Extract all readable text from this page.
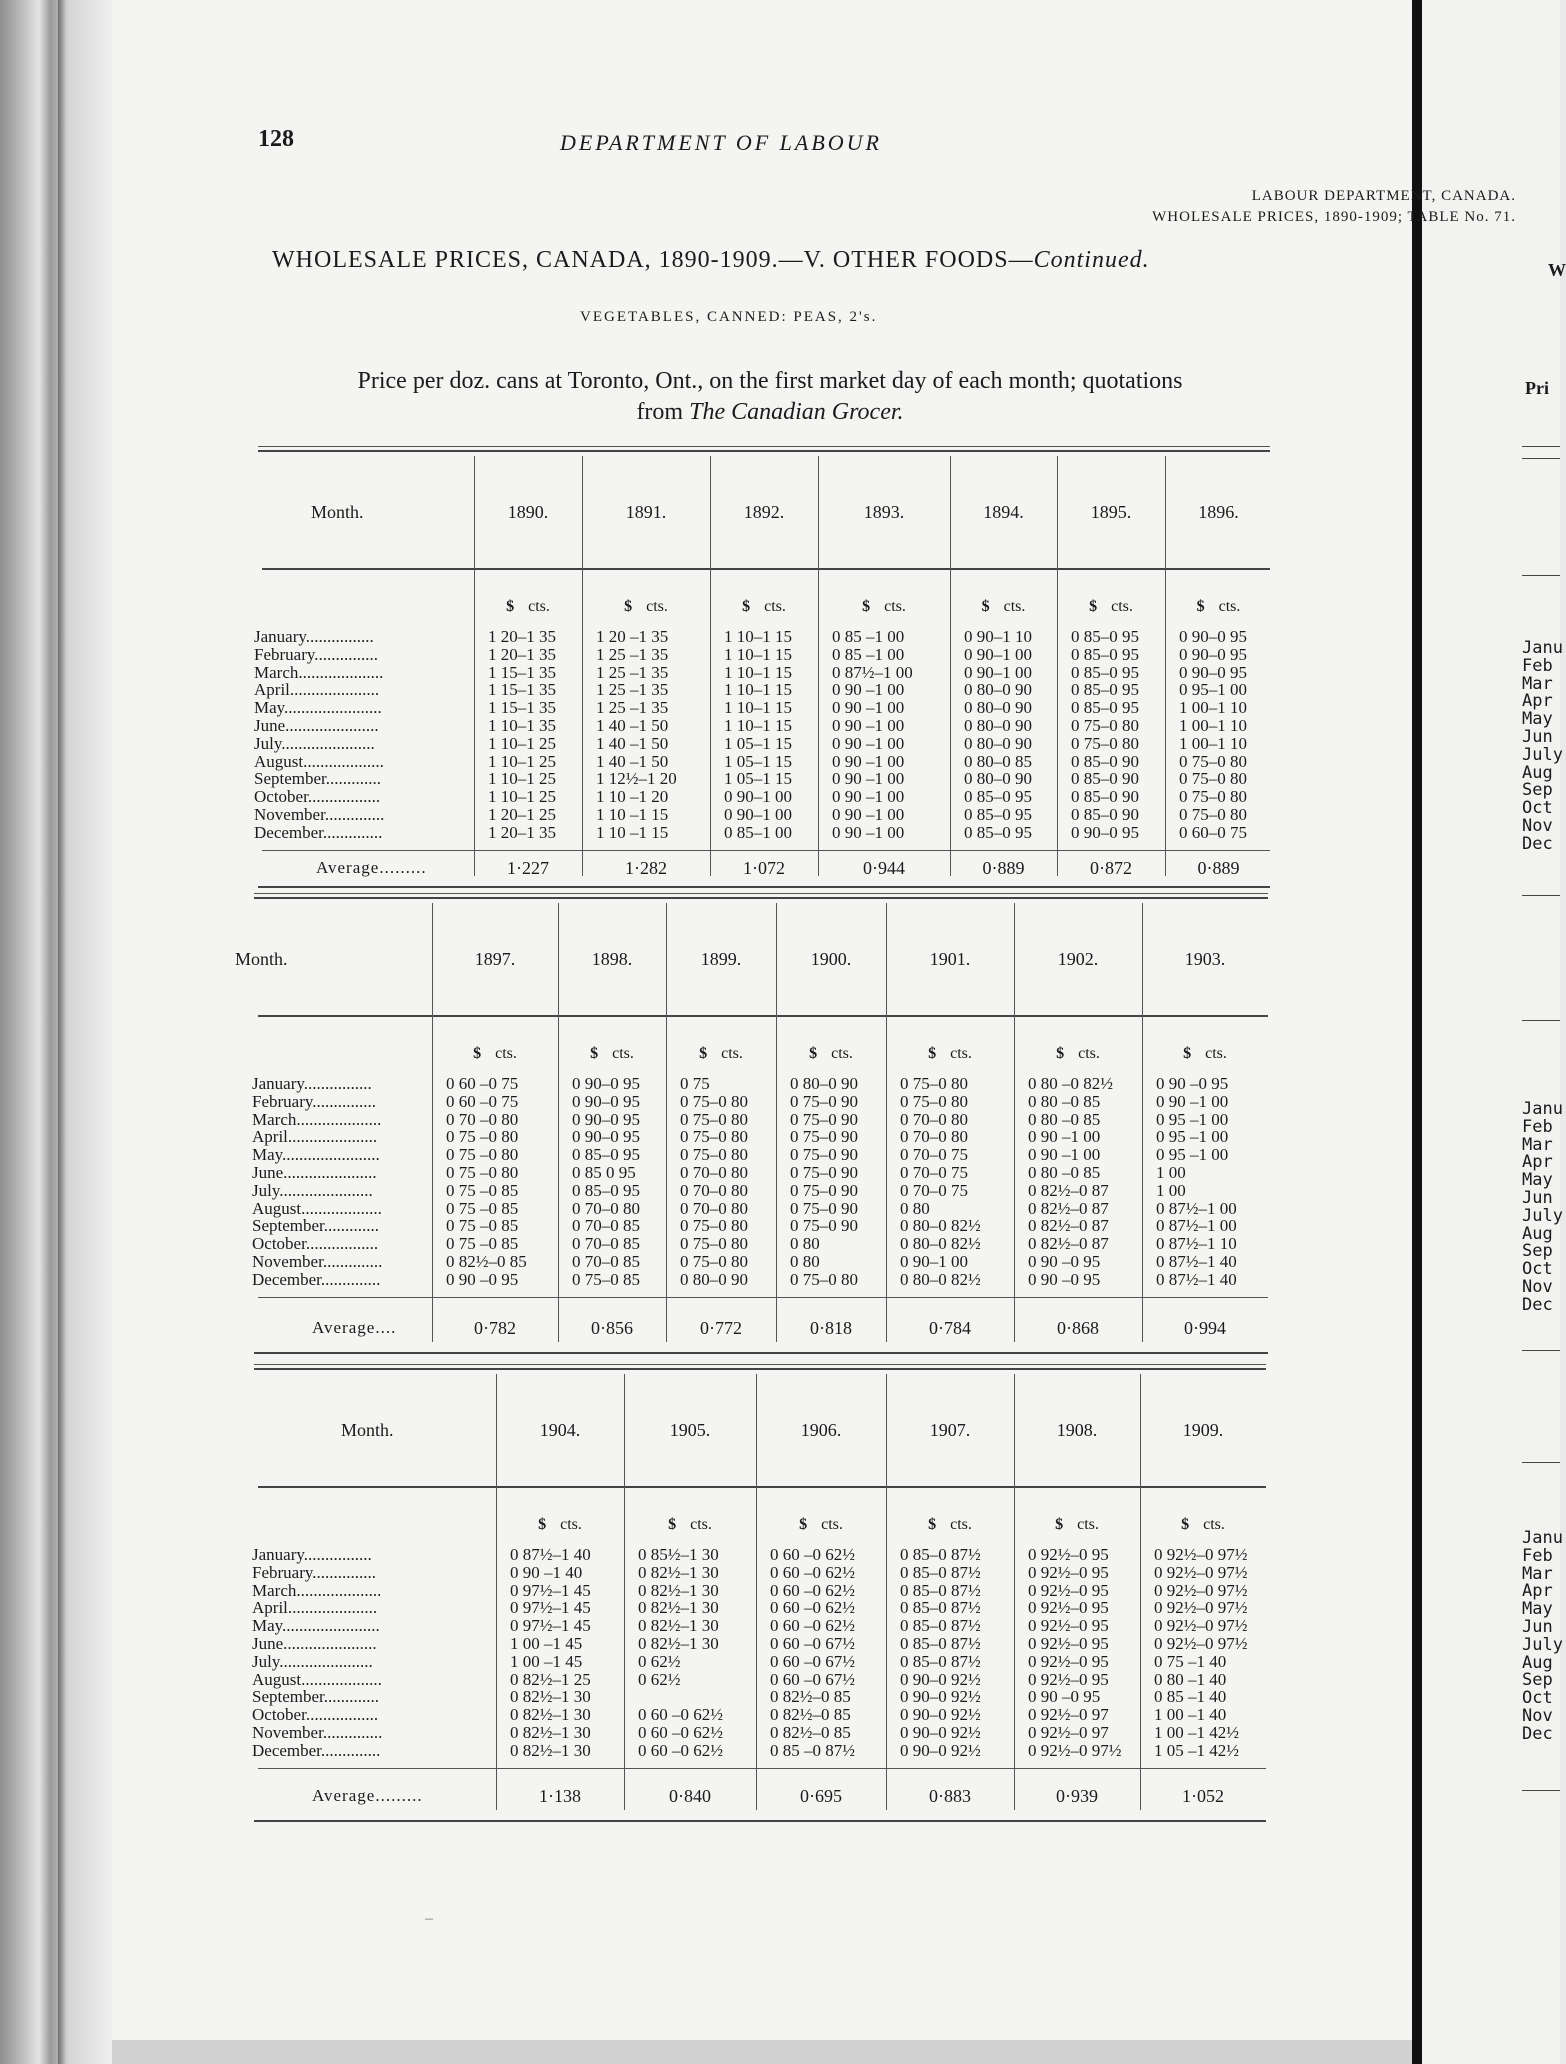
Janu
Feb
Mar
Apr
May
Jun
July
Aug
Sep
Oct
Nov
Dec
Janu
Feb
Mar
Apr
May
Jun
July
Aug
Sep
Oct
Nov
Dec
Janu
Feb
Mar
Apr
May
Jun
July
Aug
Sep
Oct
Nov
Dec
128	DEPARTMENT OF LABOUR
LABOUR DEPARTMENT, CANADA.
WHOLESALE PRICES, 1890-1909; TABLE No. 71.
WHOLESALE PRICES, CANADA, 1890-1909.—V. OTHER FOODS—Continued.
VEGETABLES, CANNED: PEAS, 2's.
Price per doz. cans at Toronto, Ont., on the first market day of each month; quotations
from The Canadian Grocer.
Month.
January................
February...............
March....................
April.....................
May.......................
June......................
July......................
August...................
September.............
October.................
November..............
December..............
Average.........
1890.
$ cts.
1 20–1 35
1 20–1 35
1 15–1 35
1 15–1 35
1 15–1 35
1 10–1 35
1 10–1 25
1 10–1 25
1 10–1 25
1 10–1 25
1 20–1 25
1 20–1 35
1·227
1891.
$ cts.
1 20 –1 35
1 25 –1 35
1 25 –1 35
1 25 –1 35
1 25 –1 35
1 40 –1 50
1 40 –1 50
1 40 –1 50
1 12½–1 20
1 10 –1 20
1 10 –1 15
1 10 –1 15
1·282
1892.
$ cts.
1 10–1 15
1 10–1 15
1 10–1 15
1 10–1 15
1 10–1 15
1 10–1 15
1 05–1 15
1 05–1 15
1 05–1 15
0 90–1 00
0 90–1 00
0 85–1 00
1·072
1893.
$ cts.
0 85 –1 00
0 85 –1 00
0 87½–1 00
0 90 –1 00
0 90 –1 00
0 90 –1 00
0 90 –1 00
0 90 –1 00
0 90 –1 00
0 90 –1 00
0 90 –1 00
0 90 –1 00
0·944
1894.
$ cts.
0 90–1 10
0 90–1 00
0 90–1 00
0 80–0 90
0 80–0 90
0 80–0 90
0 80–0 90
0 80–0 85
0 80–0 90
0 85–0 95
0 85–0 95
0 85–0 95
0·889
1895.
$ cts.
0 85–0 95
0 85–0 95
0 85–0 95
0 85–0 95
0 85–0 95
0 75–0 80
0 75–0 80
0 85–0 90
0 85–0 90
0 85–0 90
0 85–0 90
0 90–0 95
0·872
1896.
$ cts.
0 90–0 95
0 90–0 95
0 90–0 95
0 95–1 00
1 00–1 10
1 00–1 10
1 00–1 10
0 75–0 80
0 75–0 80
0 75–0 80
0 75–0 80
0 60–0 75
0·889
Month.
January................
February...............
March....................
April.....................
May.......................
June......................
July......................
August...................
September.............
October.................
November..............
December..............
Average....
1897.
$ cts.
0 60 –0 75
0 60 –0 75
0 70 –0 80
0 75 –0 80
0 75 –0 80
0 75 –0 80
0 75 –0 85
0 75 –0 85
0 75 –0 85
0 75 –0 85
0 82½–0 85
0 90 –0 95
0·782
1898.
$ cts.
0 90–0 95
0 90–0 95
0 90–0 95
0 90–0 95
0 85–0 95
0 85 0 95
0 85–0 95
0 70–0 80
0 70–0 85
0 70–0 85
0 70–0 85
0 75–0 85
0·856
1899.
$ cts.
0 75
0 75–0 80
0 75–0 80
0 75–0 80
0 75–0 80
0 70–0 80
0 70–0 80
0 70–0 80
0 75–0 80
0 75–0 80
0 75–0 80
0 80–0 90
0·772
1900.
$ cts.
0 80–0 90
0 75–0 90
0 75–0 90
0 75–0 90
0 75–0 90
0 75–0 90
0 75–0 90
0 75–0 90
0 75–0 90
0 80
0 80
0 75–0 80
0·818
1901.
$ cts.
0 75–0 80
0 75–0 80
0 70–0 80
0 70–0 80
0 70–0 75
0 70–0 75
0 70–0 75
0 80
0 80–0 82½
0 80–0 82½
0 90–1 00
0 80–0 82½
0·784
1902.
$ cts.
0 80 –0 82½
0 80 –0 85
0 80 –0 85
0 90 –1 00
0 90 –1 00
0 80 –0 85
0 82½–0 87
0 82½–0 87
0 82½–0 87
0 82½–0 87
0 90 –0 95
0 90 –0 95
0·868
1903.
$ cts.
0 90 –0 95
0 90 –1 00
0 95 –1 00
0 95 –1 00
0 95 –1 00
1 00
1 00
0 87½–1 00
0 87½–1 00
0 87½–1 10
0 87½–1 40
0 87½–1 40
0·994
Month.
January................
February...............
March....................
April.....................
May.......................
June......................
July......................
August...................
September.............
October.................
November..............
December..............
Average.........
1904.
$ cts.
0 87½–1 40
0 90 –1 40
0 97½–1 45
0 97½–1 45
0 97½–1 45
1 00 –1 45
1 00 –1 45
0 82½–1 25
0 82½–1 30
0 82½–1 30
0 82½–1 30
0 82½–1 30
1·138
1905.
$ cts.
0 85½–1 30
0 82½–1 30
0 82½–1 30
0 82½–1 30
0 82½–1 30
0 82½–1 30
0 62½
0 62½

0 60 –0 62½
0 60 –0 62½
0 60 –0 62½
0·840
1906.
$ cts.
0 60 –0 62½
0 60 –0 62½
0 60 –0 62½
0 60 –0 62½
0 60 –0 62½
0 60 –0 67½
0 60 –0 67½
0 60 –0 67½
0 82½–0 85
0 82½–0 85
0 82½–0 85
0 85 –0 87½
0·695
1907.
$ cts.
0 85–0 87½
0 85–0 87½
0 85–0 87½
0 85–0 87½
0 85–0 87½
0 85–0 87½
0 85–0 87½
0 90–0 92½
0 90–0 92½
0 90–0 92½
0 90–0 92½
0 90–0 92½
0·883
1908.
$ cts.
0 92½–0 95
0 92½–0 95
0 92½–0 95
0 92½–0 95
0 92½–0 95
0 92½–0 95
0 92½–0 95
0 92½–0 95
0 90 –0 95
0 92½–0 97
0 92½–0 97
0 92½–0 97½
0·939
1909.
$ cts.
0 92½–0 97½
0 92½–0 97½
0 92½–0 97½
0 92½–0 97½
0 92½–0 97½
0 92½–0 97½
0 75 –1 40
0 80 –1 40
0 85 –1 40
1 00 –1 40
1 00 –1 42½
1 05 –1 42½
1·052
–
W
Pri
